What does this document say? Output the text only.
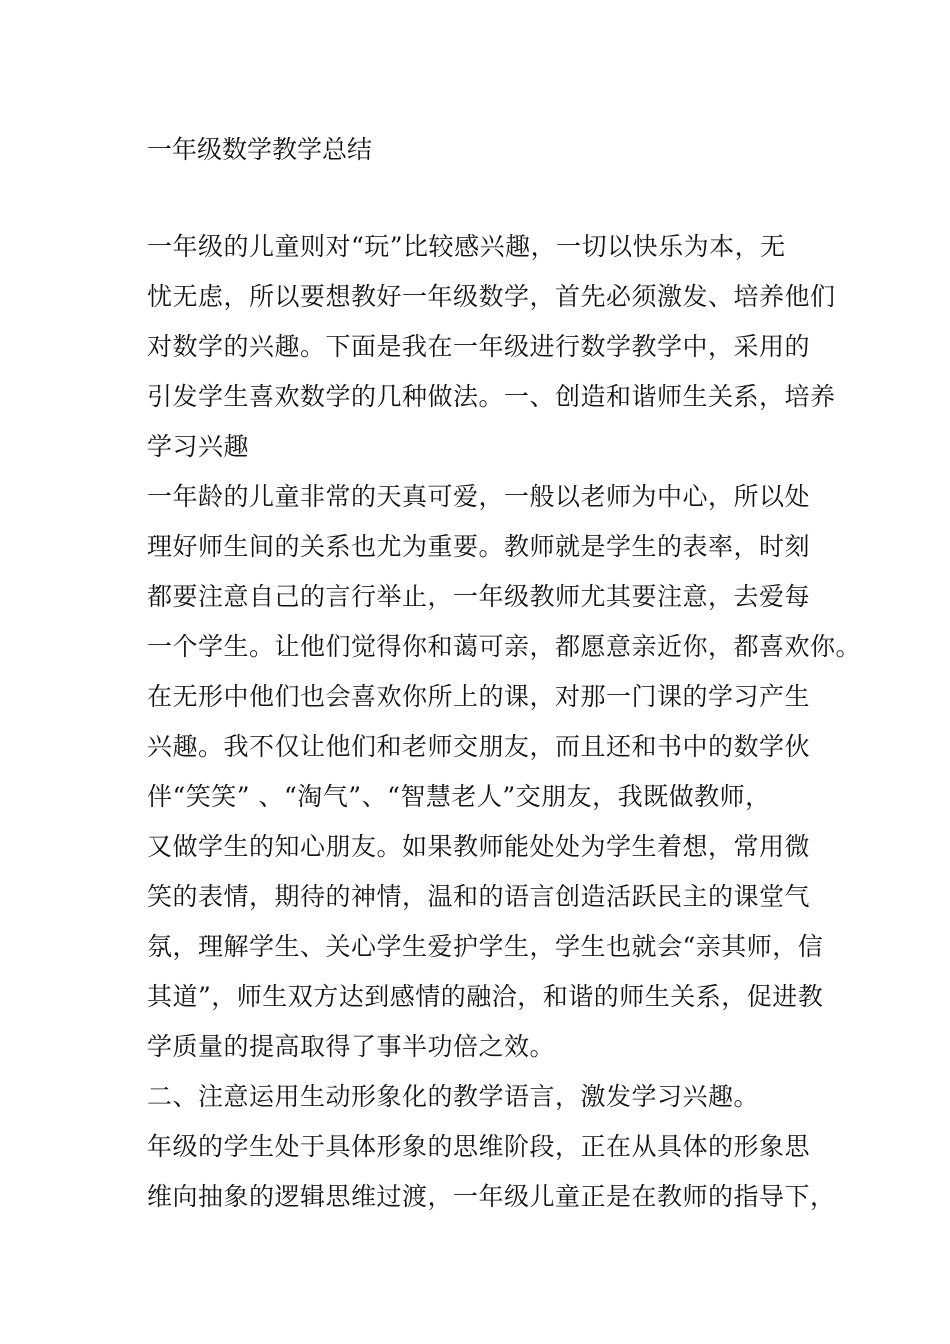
一年级数学教学总结
一年级的儿童则对“玩”比较感兴趣，一切以快乐为本，无
忧无虑，所以要想教好一年级数学，首先必须激发、培养他们
对数学的兴趣。下面是我在一年级进行数学教学中，采用的
引发学生喜欢数学的几种做法。一、创造和谐师生关系，培养
学习兴趣
一年龄的儿童非常的天真可爱，一般以老师为中心，所以处
理好师生间的关系也尤为重要。教师就是学生的表率，时刻
都要注意自己的言行举止，一年级教师尤其要注意，去爱每
一个学生。让他们觉得你和蔼可亲，都愿意亲近你，都喜欢你。
在无形中他们也会喜欢你所上的课，对那一门课的学习产生
兴趣。我不仅让他们和老师交朋友，而且还和书中的数学伙
伴“笑笑” 、“淘气”、“智慧老人”交朋友，我既做教师，
又做学生的知心朋友。如果教师能处处为学生着想，常用微
笑的表情，期待的神情，温和的语言创造活跃民主的课堂气
氛，理解学生、关心学生爱护学生，学生也就会“亲其师，信
其道”，师生双方达到感情的融洽，和谐的师生关系，促进教
学质量的提高取得了事半功倍之效。
二、注意运用生动形象化的教学语言，激发学习兴趣。
年级的学生处于具体形象的思维阶段，正在从具体的形象思
维向抽象的逻辑思维过渡，一年级儿童正是在教师的指导下，
